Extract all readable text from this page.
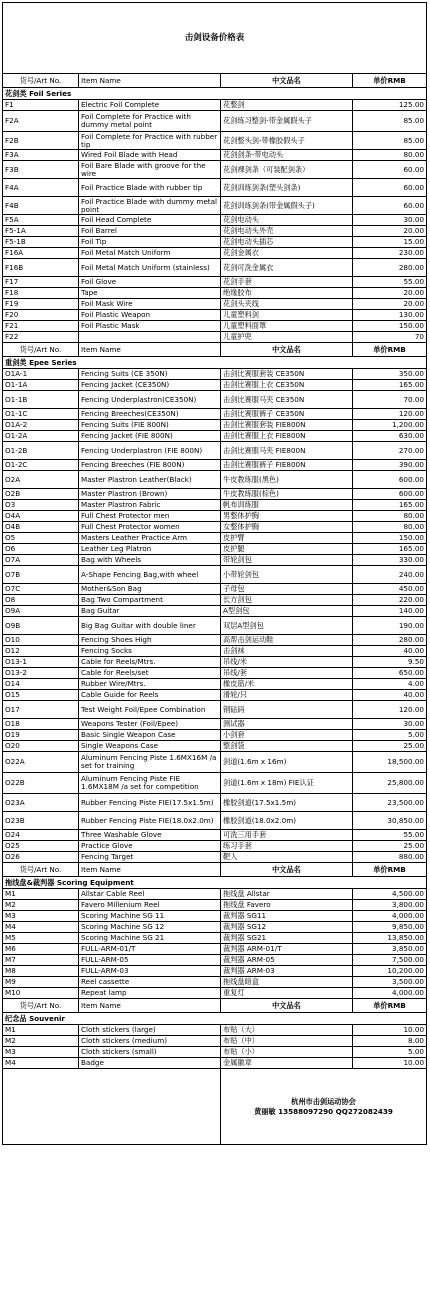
击剑设备价格表			
货号/Art No.	Item Name	中文品名	单价RMB
花剑类 Foil Series			
F1	Electric Foil Complete	花整剑	125.00
F2A	Foil Complete for Practice with dummy metal point	花剑练习整剑-带金属假头子	85.00
F2B	Foil Complete for Practice with rubber tip	花剑整头剑-带橡胶假头子	85.00
F3A	Wired Foil Blade with Head	花剑剑条-带电动头	80.00
F3B	Foil Bare Blade with groove for the wire	花剑裸剑条（可装配剑条）	60.00
F4A	Foil Practice Blade with rubber tip	花剑训练剑条(塑头剑条)	60.00
F4B	Foil Practice Blade with dummy metal point	花剑训练剑条(带金属假头子)	60.00
F5A	Foil Head Complete	花剑电动头	30.00
F5-1A	Foil Barrel	花剑电动头外壳	20.00
F5-1B	Foil Tip	花剑电动头插芯	15.00
F16A	Foil Metal Match Uniform	花剑金属衣	230.00
F16B	Foil Metal Match Uniform (stainless)	花剑可洗金属衣	280.00
F17	Foil Glove	花剑手套	55.00
F18	Tape	绝缘胶布	20.00
F19	Foil Mask Wire	花剑头夹线	20.00
F20	Foil Plastic Weapon	儿童塑料剑	130.00
F21	Foil Plastic Mask	儿童塑料面罩	150.00
F22		儿童护兜	70
货号/Art No.	Item Name	中文品名	单价RMB
重剑类 Epee Series			
O1A-1	Fencing Suits (CE 350N)	击剑比赛服套装 CE350N	350.00
O1-1A	Fencing Jacket (CE350N)	击剑比赛服上衣 CE350N	165.00
O1-1B	Fencing Underplastron(CE350N)	击剑比赛服马夹 CE350N	70.00
O1-1C	Fencing Breeches(CE350N)	击剑比赛服裤子 CE350N	120.00
O1A-2	Fencing Suits (FIE 800N)	击剑比赛服套装 FIE800N	1,200.00
O1-2A	Fencing Jacket (FIE 800N)	击剑比赛服上衣 FIE800N	630.00
O1-2B	Fencing Underplastron (FIE 800N)	击剑比赛服马夹 FIE800N	270.00
O1-2C	Fencing Breeches (FIE 800N)	击剑比赛服裤子 FIE800N	390.00
O2A	Master Plastron Leather(Black)	牛皮教练服(黑色)	600.00
O2B	Master Plastron (Brown)	牛皮教练服(棕色)	600.00
O3	Master Plastron Fabric	帆布训练服	165.00
O4A	Full Chest Protector men	男整体护胸	80.00
O4B	Full Chest Protector women	女整体护胸	80.00
O5	Masters Leather Practice Arm	皮护臂	150.00
O6	Leather Leg Platron	皮护腿	165.00
O7A	Bag with Wheels	带轮剑包	330.00
O7B	A-Shape Fencing Bag,with wheel	小带轮剑包	240.00
O7C	Mother&Son Bag	子母包	450.00
O8	Bag Two Compartment	长方剑包	220.00
O9A	Bag Guitar	A型剑包	140.00
O9B	Big Bag Guitar with double liner	双层A型剑包	190.00
O10	Fencing Shoes High	高帮击剑运动鞋	280.00
O12	Fencing Socks	击剑袜	40.00
O13-1	Cable for Reels/Mtrs.	吊线/米	9.50
O13-2	Cable for Reels/set	吊线/套	650.00
O14	Rubber Wire/Mtrs.	橡皮筋/米	4.00
O15	Cable Guide for Reels	滑轮/只	40.00
O17	Test Weight Foil/Epee Combination	钢砝码	120.00
O18	Weapons Tester (Foil/Epee)	测试器	30.00
O19	Basic Single Weapon Case	小剑套	5.00
O20	Single Weapons Case	整剑袋	25.00
O22A	Aluminum Fencing Piste 1.6MX16M /a set for training	剑道(1.6m x 16m)	18,500.00
O22B	Aluminum Fencing Piste FIE 1.6MX18M /a set for competition	剑道(1.6m x 18m) FIE认证	25,800.00
O23A	Rubber Fencing Piste FIE(17.5x1.5m)	橡胶剑道(17.5x1.5m)	23,500.00
O23B	Rubber Fencing Piste FIE(18.0x2.0m)	橡胶剑道(18.0x2.0m)	30,850.00
O24	Three Washable Glove	可洗三用手套	55.00
O25	Practice Glove	练习手套	25.00
O26	Fencing Target	靶人	880.00
货号/Art No.	Item Name	中文品名	单价RMB
拖线盘&裁判器 Scoring Equipment			
M1	Allstar Cable Reel	拖线盘 Allstar	4,500.00
M2	Favero Millenium Reel	拖线盘 Favero	3,800.00
M3	Scoring Machine SG 11	裁判器 SG11	4,000.00
M4	Scoring Machine SG 12	裁判器 SG12	9,850.00
M5	Scoring Machine SG 21	裁判器 SG21	13,850.00
M6	FULL-ARM-01/T	裁判器 ARM-01/T	3,850.00
M7	FULL-ARM-05	裁判器 ARM-05	7,500.00
M8	FULL-ARM-03	裁判器 ARM-03	10,200.00
M9	Reel cassette	拖线盘暗盒	3,500.00
M10	Repeat lamp	重复灯	4,000.00
货号/Art No.	Item Name	中文品名	单价RMB
纪念品 Souvenir			
M1	Cloth stickers (large)	布贴（大）	10.00
M2	Cloth stickers (medium)	布贴（中）	8.00
M3	Cloth stickers (small)	布贴（小）	5.00
M4	Badge	金属徽章	10.00

		杭州市击剑运动协会
黄丽敏 13588097290 QQ272082439	
